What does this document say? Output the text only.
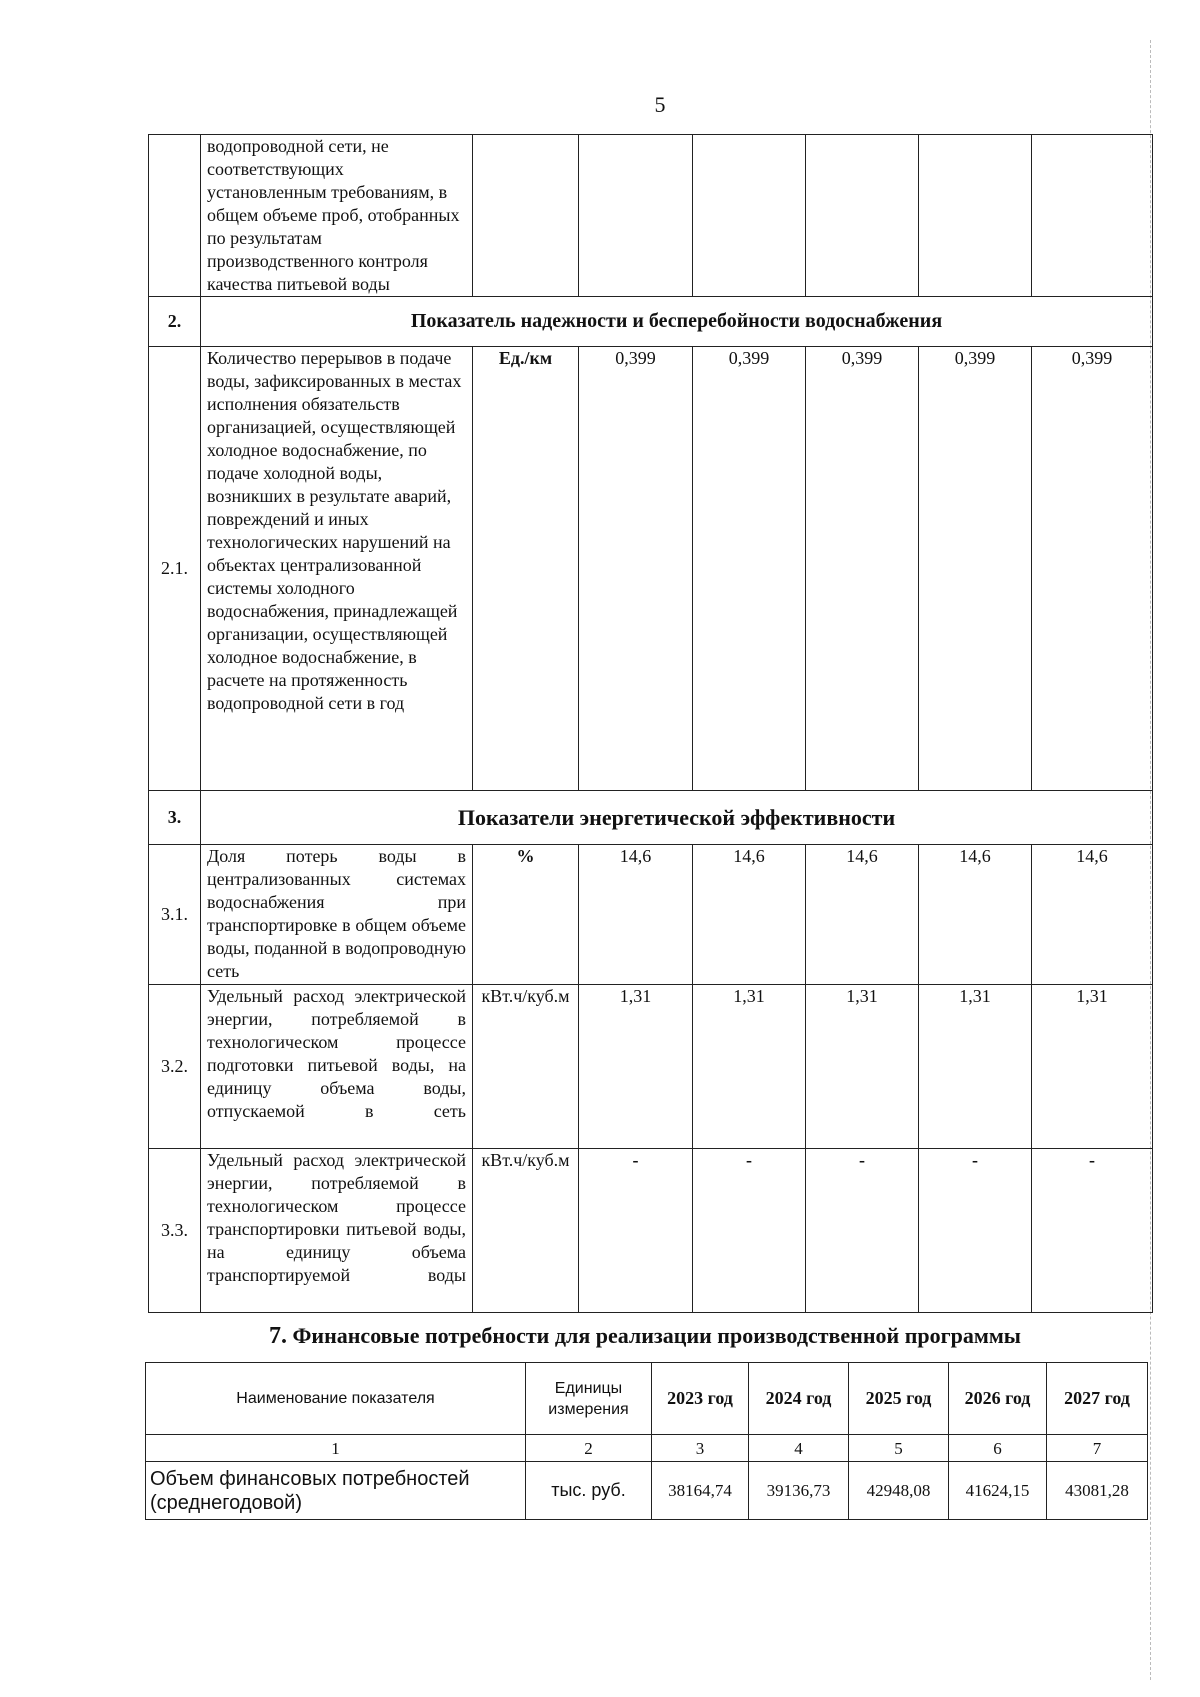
5
	водопроводной сети, не соответствующих установленным требованиям, в общем объеме проб, отобранных по результатам производственного контроля качества питьевой воды						
2.	Показатель надежности и бесперебойности водоснабжения						
2.1.	Количество перерывов в подаче воды, зафиксированных в местах исполнения обязательств организацией, осуществляющей холодное водоснабжение, по подаче холодной воды, возникших в результате аварий, повреждений и иных технологических нарушений на объектах централизованной системы холодного водоснабжения, принадлежащей организации, осуществляющей холодное водоснабжение, в расчете на протяженность водопроводной сети в год	Ед./км	0,399	0,399	0,399	0,399	0,399
3.	Показатели энергетической эффективности						
3.1.	Доля потерь воды в централизованных системах водоснабжения при транспортировке в общем объеме воды, поданной в водопроводную сеть	%	14,6	14,6	14,6	14,6	14,6
3.2.	Удельный расход электрической энергии, потребляемой в технологическом процессе подготовки питьевой воды, на единицу объема воды, отпускаемой в сеть	кВт.ч/куб.м	1,31	1,31	1,31	1,31	1,31
3.3.	Удельный расход электрической энергии, потребляемой в технологическом процессе транспортировки питьевой воды, на единицу объема транспортируемой воды	кВт.ч/куб.м	-	-	-	-	-
7. Финансовые потребности для реализации производственной программы
Наименование показателя	Единицы измерения	2023 год	2024 год	2025 год	2026 год	2027 год
1	2	3	4	5	6	7
Объем финансовых потребностей (среднегодовой)	тыс. руб.	38164,74	39136,73	42948,08	41624,15	43081,28
